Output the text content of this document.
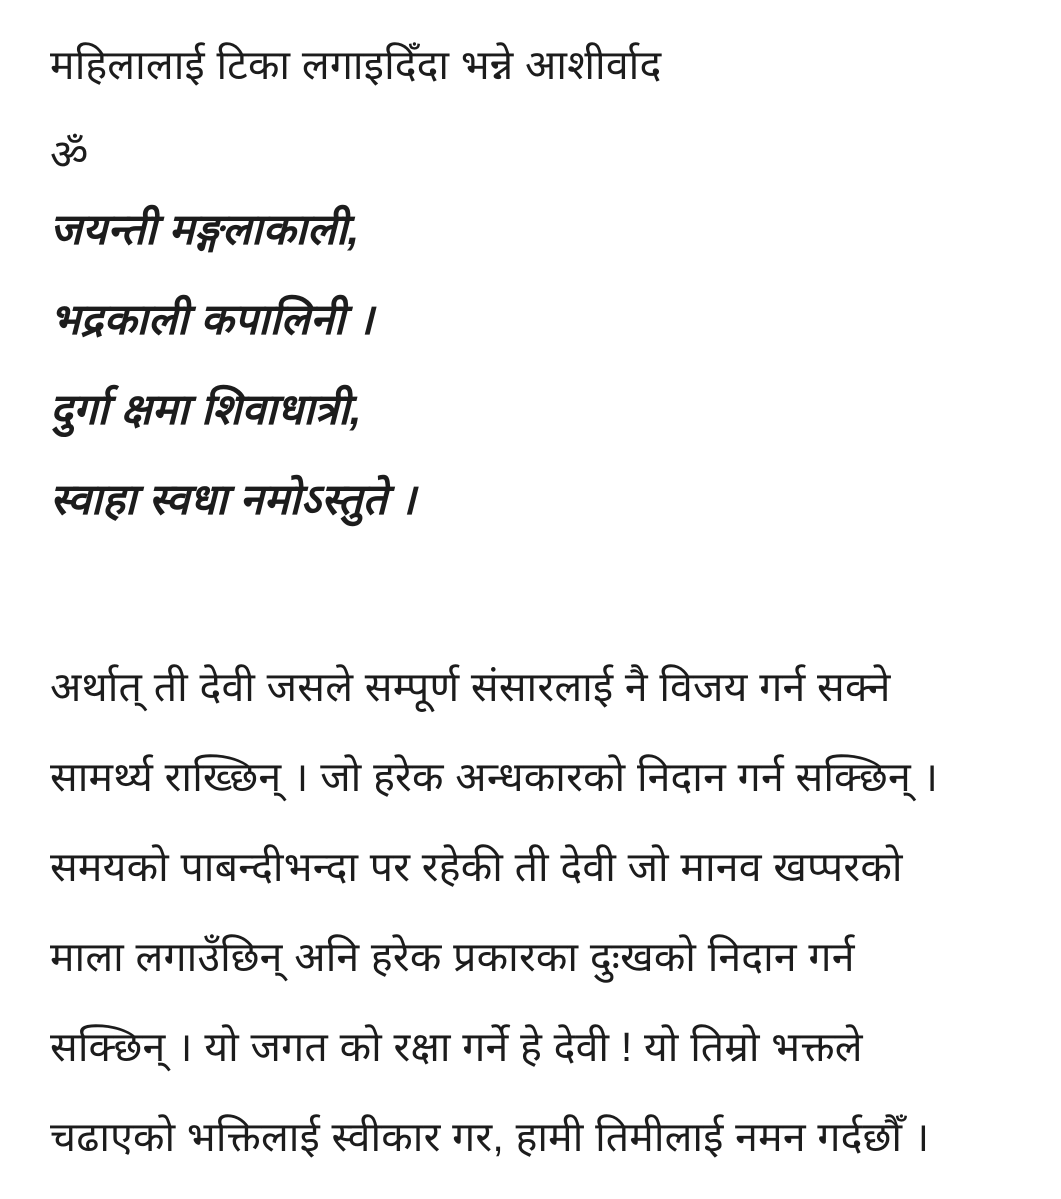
महिलालाई टिका लगाइदिँदा भन्ने आशीर्वाद
ॐ
जयन्ती मङ्गलाकाली,
भद्रकाली कपालिनी ।
दुर्गा क्षमा शिवाधात्री,
स्वाहा स्वधा नमोऽस्तुते ।
अर्थात् ती देवी जसले सम्पूर्ण संसारलाई नै विजय गर्न सक्ने
सामर्थ्य राख्छिन् । जो हरेक अन्धकारको निदान गर्न सक्छिन् ।
समयको पाबन्दीभन्दा पर रहेकी ती देवी जो मानव खप्परको
माला लगाउँछिन् अनि हरेक प्रकारका दुःखको निदान गर्न
सक्छिन् । यो जगत को रक्षा गर्ने हे देवी ! यो तिम्रो भक्तले
चढाएको भक्तिलाई स्वीकार गर, हामी तिमीलाई नमन गर्दछौँ ।
